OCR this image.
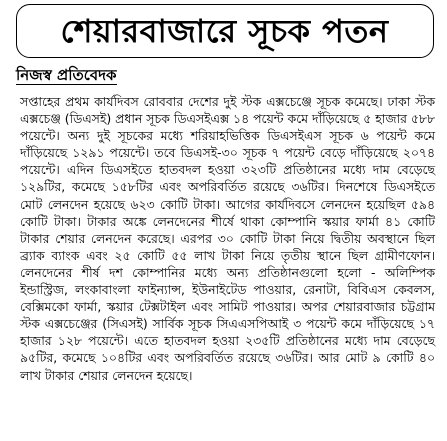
শেয়ারবাজারে সূচক পতন
নিজস্ব প্রতিবেদক
সপ্তাহের প্রথম কার্যদিবস রোববার দেশের দুই স্টক এক্সচেঞ্জে সূচক কমেছে। ঢাকা স্টক এক্সচেঞ্জ (ডিএসই) প্রধান সূচক ডিএসইএক্স ১৪ পয়েন্ট কমে দাঁড়িয়েছে ৫ হাজার ৫৮৮ পয়েন্টে। অন্য দুই সূচকের মধ্যে শরিয়াহভিত্তিক ডিএসইএস সূচক ৬ পয়েন্ট কমে দাঁড়িয়েছে ১২৯১ পয়েন্টে। তবে ডিএসই-৩০ সূচক ৭ পয়েন্ট বেড়ে দাঁড়িয়েছে ২০৭৪ পয়েন্টে। এদিন ডিএসইতে হাতবদল হওয়া ৩২৩টি প্রতিষ্ঠানের মধ্যে দাম বেড়েছে ১২৯টির, কমেছে ১৫৮টির এবং অপরিবর্তিত রয়েছে ৩৬টির। দিনশেষে ডিএসইতে মোট লেনদেন হয়েছে ৬২৩ কোটি টাকা। আগের কার্যদিবসে লেনদেন হয়েছিল ৫৯৪ কোটি টাকা। টাকার অঙ্কে লেনদেনের শীর্ষে থাকা কোম্পানি স্কয়ার ফার্মা ৪১ কোটি টাকার শেয়ার লেনদেন করেছে। এরপর ৩০ কোটি টাকা নিয়ে দ্বিতীয় অবস্থানে ছিল ব্র্যাক ব্যাংক এবং ২৫ কোটি ৫৫ লাখ টাকা নিয়ে তৃতীয় স্থানে ছিল গ্রামীণফোন। লেনদেনের শীর্ষ দশ কোম্পানির মধ্যে অন্য প্রতিষ্ঠানগুলো হলো - অলিম্পিক ইন্ডাস্ট্রিজ, লংকাবাংলা ফাইন্যান্স, ইউনাইটেড পাওয়ার, রেনাটা, বিবিএস কেবলস, বেক্সিমকো ফার্মা, স্কয়ার টেক্সটাইল এবং সামিট পাওয়ার। অপর শেয়ারবাজার চট্টগ্রাম স্টক এক্সচেঞ্জের (সিএসই) সার্বিক সূচক সিএএসপিআই ৩ পয়েন্ট কমে দাঁড়িয়েছে ১৭ হাজার ১২৮ পয়েন্টে। এতে হাতবদল হওয়া ২৩৫টি প্রতিষ্ঠানের মধ্যে দাম বেড়েছে ৯৫টির, কমেছে ১০৪টির এবং অপরিবর্তিত রয়েছে ৩৬টির। আর মোট ৯ কোটি ৪০ লাখ টাকার শেয়ার লেনদেন হয়েছে।
